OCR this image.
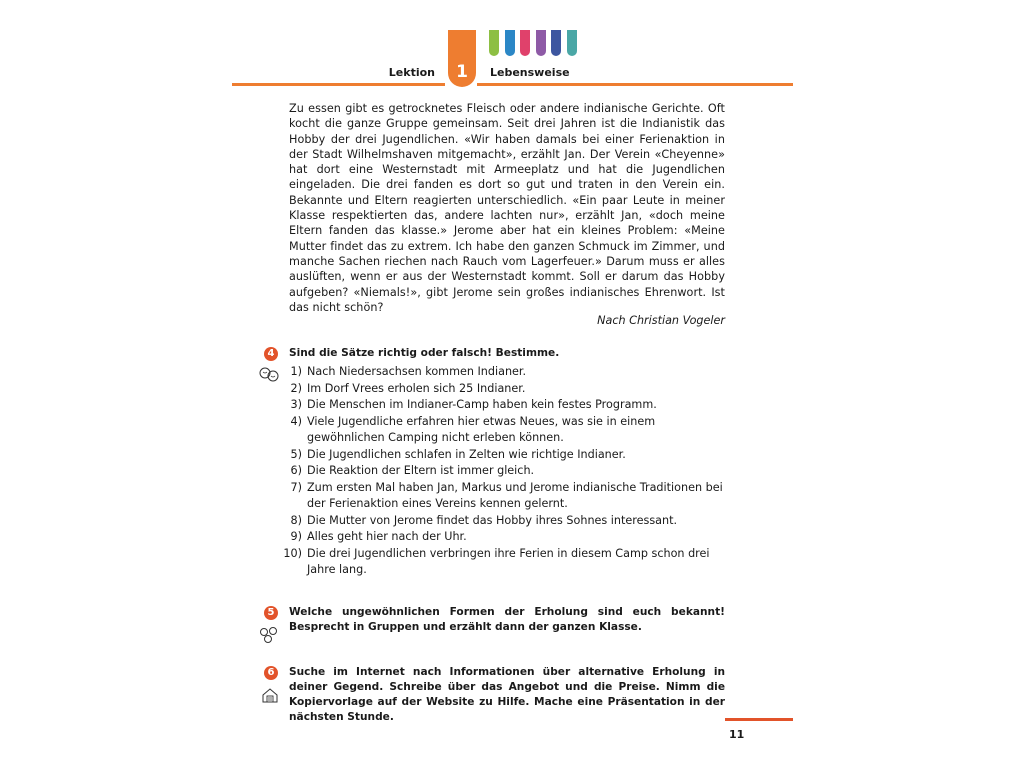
Lektion	1	Lebensweise
Zu essen gibt es getrocknetes Fleisch oder andere indianische Gerichte. Oft kocht die ganze Gruppe gemeinsam. Seit drei Jahren ist die Indianistik das Hobby der drei Jugendlichen. «Wir haben damals bei einer Ferienaktion in der Stadt Wilhelmshaven mitgemacht», erzählt Jan. Der Verein «Cheyenne» hat dort eine Westernstadt mit Armeeplatz und hat die Jugendlichen eingeladen. Die drei fanden es dort so gut und traten in den Verein ein. Bekannte und Eltern reagierten unterschiedlich. «Ein paar Leute in meiner Klasse respektierten das, andere lachten nur», erzählt Jan, «doch meine Eltern fanden das klasse.» Jerome aber hat ein kleines Problem: «Meine Mutter findet das zu extrem. Ich habe den ganzen Schmuck im Zimmer, und manche Sachen riechen nach Rauch vom Lagerfeuer.» Darum muss er alles auslüften, wenn er aus der Westernstadt kommt. Soll er darum das Hobby aufgeben? «Niemals!», gibt Jerome sein großes indianisches Ehrenwort. Ist das nicht schön?
Nach Christian Vogeler
4	Sind die Sätze richtig oder falsch! Bestimme.
1) Nach Niedersachsen kommen Indianer.
2) Im Dorf Vrees erholen sich 25 Indianer.
3) Die Menschen im Indianer-Camp haben kein festes Programm.
4) Viele Jugendliche erfahren hier etwas Neues, was sie in einem gewöhnlichen Camping nicht erleben können.
5) Die Jugendlichen schlafen in Zelten wie richtige Indianer.
6) Die Reaktion der Eltern ist immer gleich.
7) Zum ersten Mal haben Jan, Markus und Jerome indianische Traditionen bei der Ferienaktion eines Vereins kennen gelernt.
8) Die Mutter von Jerome findet das Hobby ihres Sohnes interessant.
9) Alles geht hier nach der Uhr.
10) Die drei Jugendlichen verbringen ihre Ferien in diesem Camp schon drei Jahre lang.
5	Welche ungewöhnlichen Formen der Erholung sind euch bekannt! Besprecht in Gruppen und erzählt dann der ganzen Klasse.
6	Suche im Internet nach Informationen über alternative Erholung in deiner Gegend. Schreibe über das Angebot und die Preise. Nimm die Kopiervorlage auf der Website zu Hilfe. Mache eine Präsentation in der nächsten Stunde.
11
